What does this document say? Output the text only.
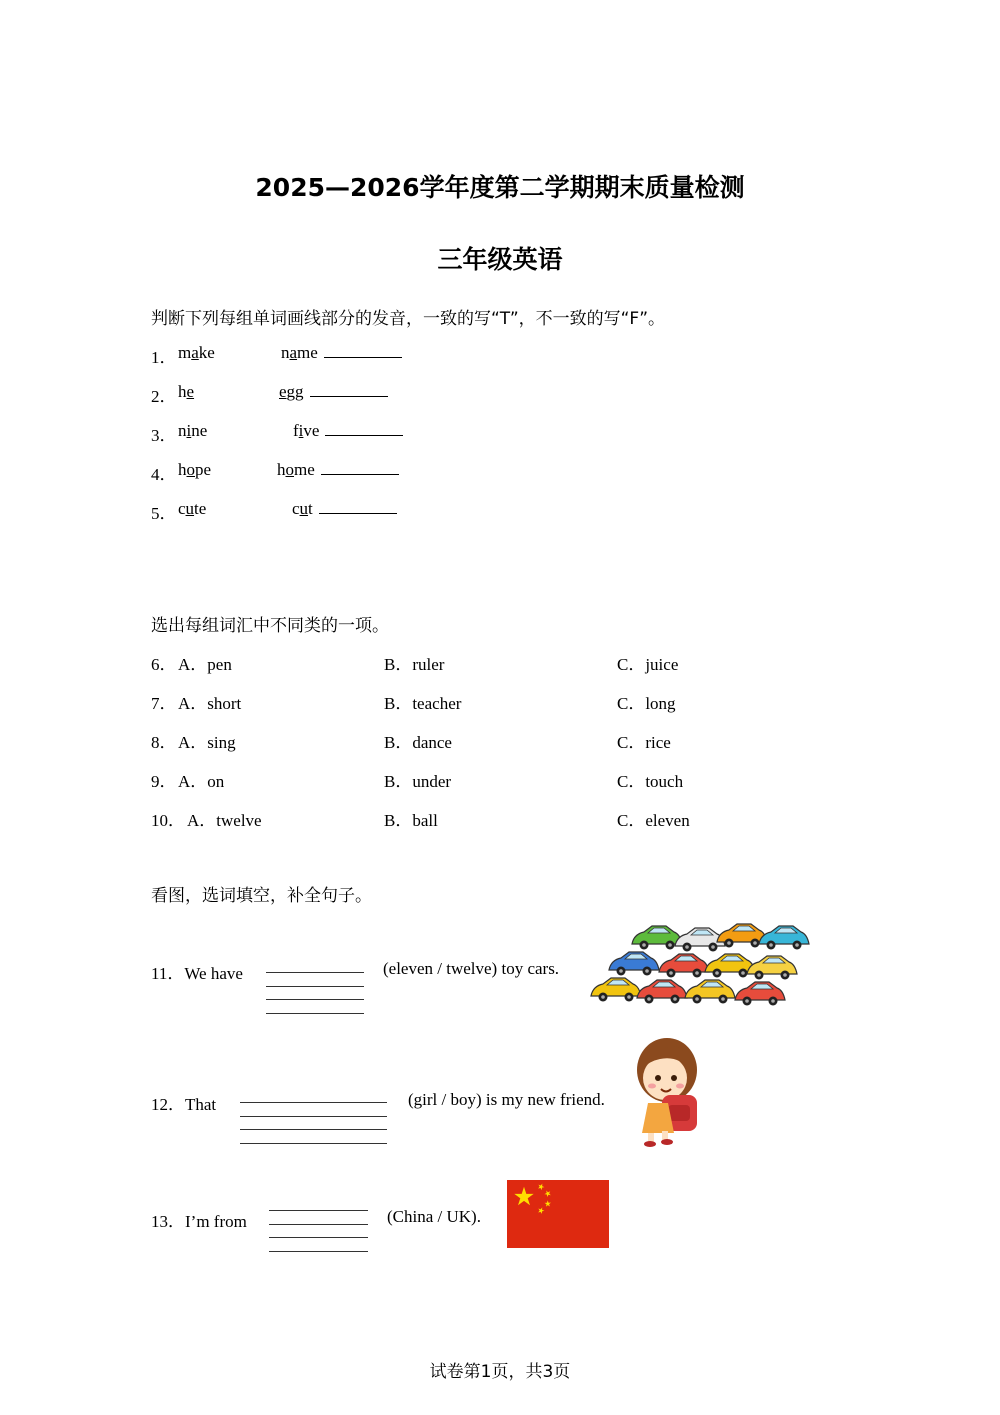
2025—2026学年度第二学期期末质量检测
三年级英语
判断下列每组单词画线部分的发音，一致的写“T”，不一致的写“F”。
1． make	name
2． he	egg
3． nine	five
4． hope	home
5． cute	cut
选出每组词汇中不同类的一项。
6． A．pen	B．ruler	C．juice
7． A．short	B．teacher	C．long
8． A．sing	B．dance	C．rice
9． A．on	B．under	C．touch
10． A．twelve	B．ball	C．eleven
看图，选词填空，补全句子。
11．We have	(eleven / twelve) toy cars.
12．That	(girl / boy) is my new friend.
13．I’m from	(China / UK).
试卷第1页，共3页
